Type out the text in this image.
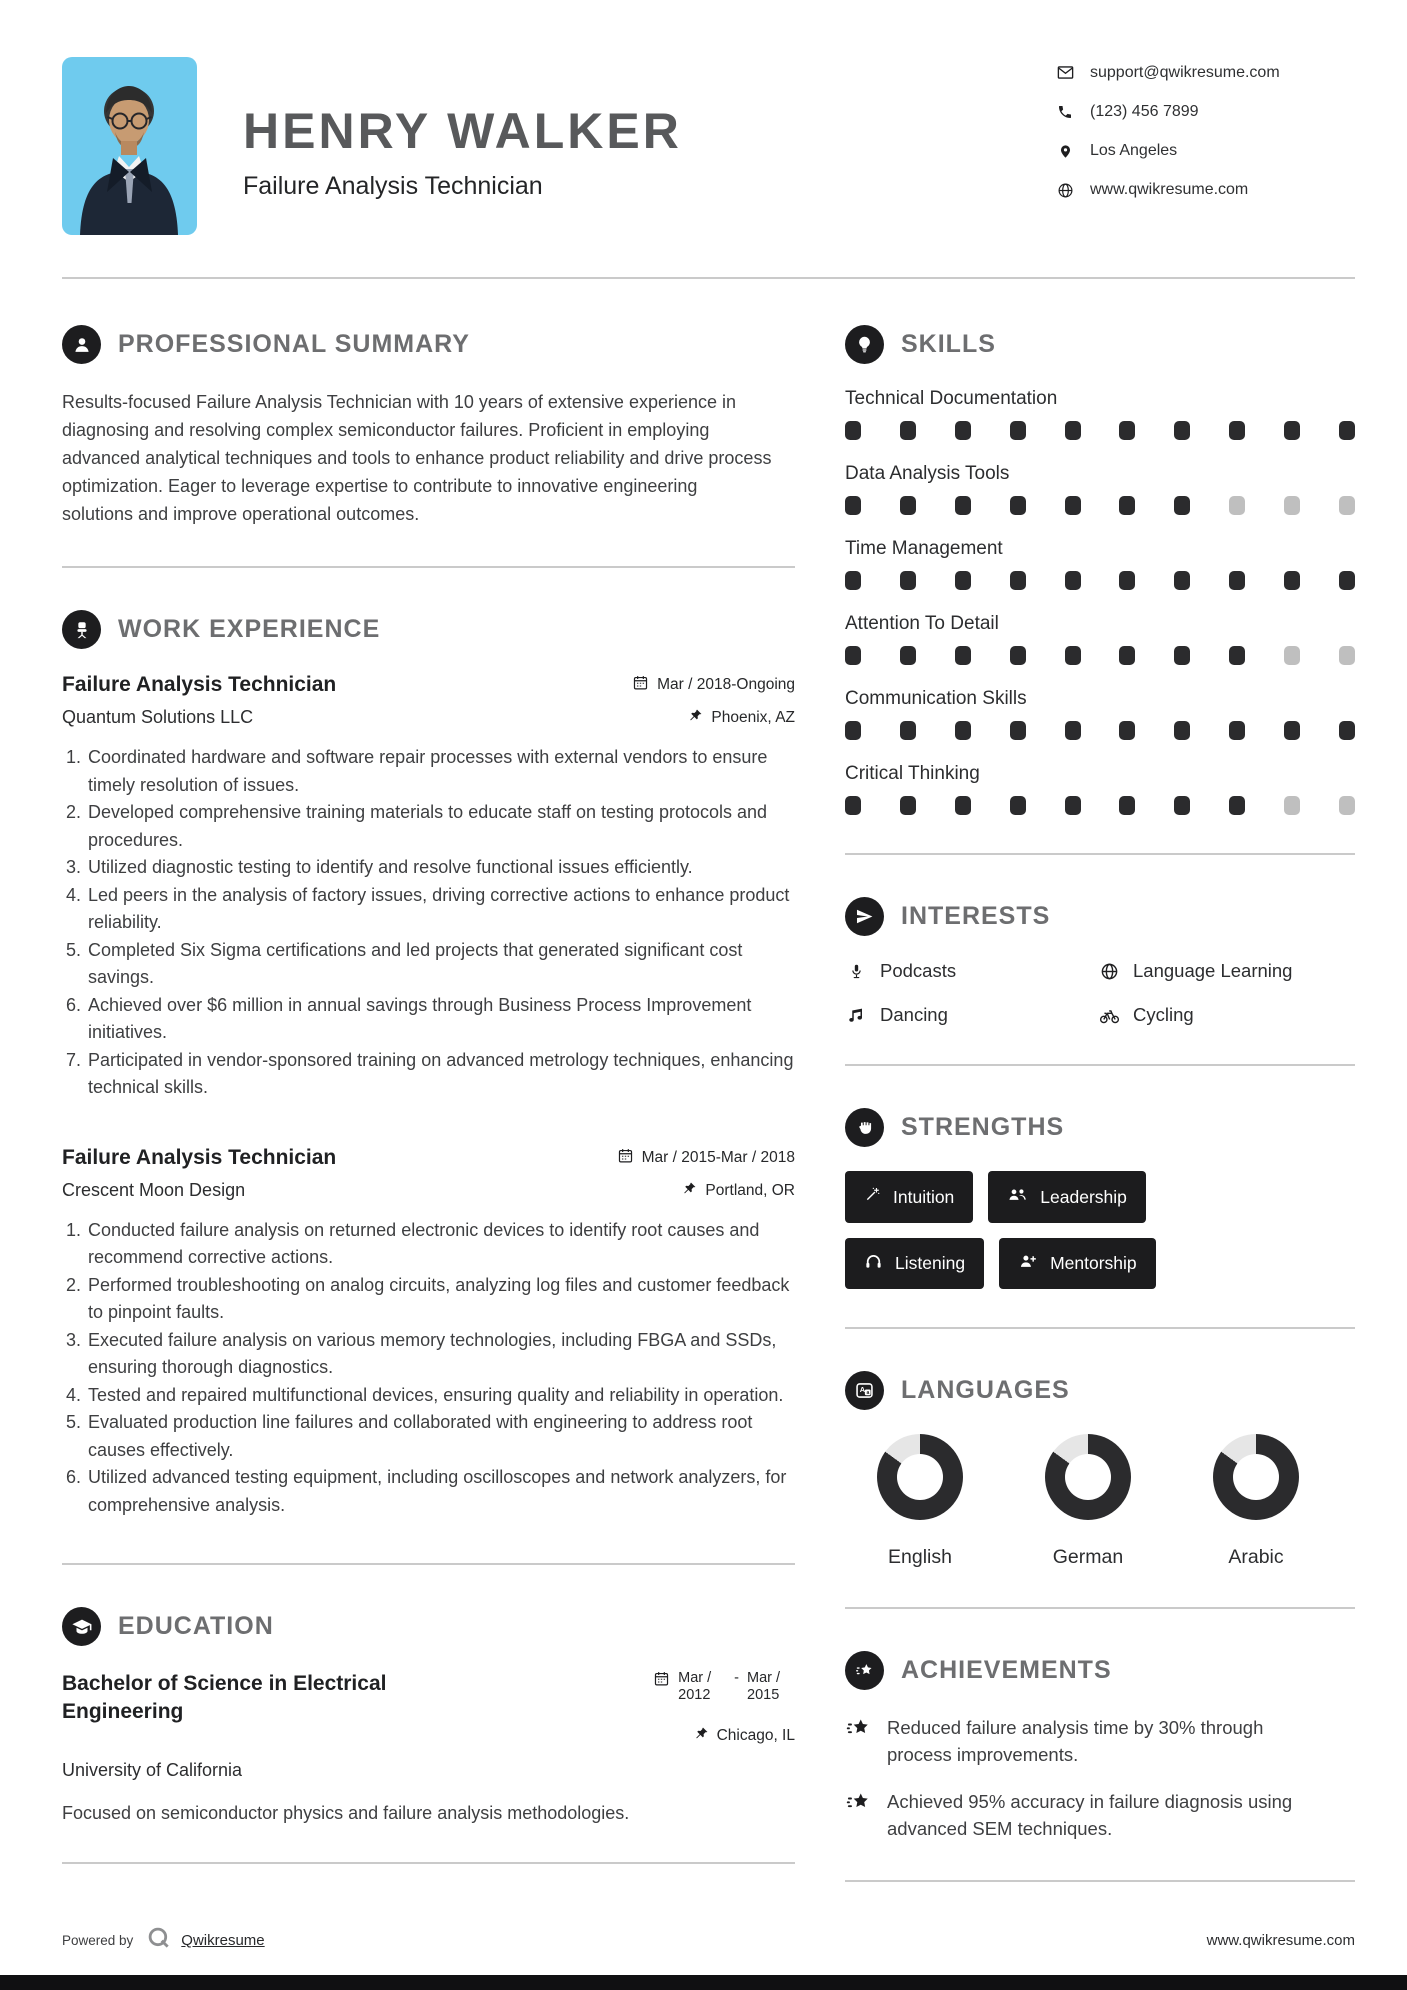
HENRY WALKER
Failure Analysis Technician
support@qwikresume.com
(123) 456 7899
Los Angeles
www.qwikresume.com
PROFESSIONAL SUMMARY

Results-focused Failure Analysis Technician with 10 years of extensive experience in diagnosing and resolving complex semiconductor failures. Proficient in employing advanced analytical techniques and tools to enhance product reliability and drive process optimization. Eager to leverage expertise to contribute to innovative engineering solutions and improve operational outcomes.

WORK EXPERIENCE
Failure Analysis Technician	Mar / 2018-Ongoing
Quantum Solutions LLC	Phoenix, AZ
1. Coordinated hardware and software repair processes with external vendors to ensure timely resolution of issues.
2. Developed comprehensive training materials to educate staff on testing protocols and procedures.
3. Utilized diagnostic testing to identify and resolve functional issues efficiently.
4. Led peers in the analysis of factory issues, driving corrective actions to enhance product reliability.
5. Completed Six Sigma certifications and led projects that generated significant cost savings.
6. Achieved over $6 million in annual savings through Business Process Improvement initiatives.
7. Participated in vendor-sponsored training on advanced metrology techniques, enhancing technical skills.
Failure Analysis Technician	Mar / 2015-Mar / 2018
Crescent Moon Design	Portland, OR
1. Conducted failure analysis on returned electronic devices to identify root causes and recommend corrective actions.
2. Performed troubleshooting on analog circuits, analyzing log files and customer feedback to pinpoint faults.
3. Executed failure analysis on various memory technologies, including FBGA and SSDs, ensuring thorough diagnostics.
4. Tested and repaired multifunctional devices, ensuring quality and reliability in operation.
5. Evaluated production line failures and collaborated with engineering to address root causes effectively.
6. Utilized advanced testing equipment, including oscilloscopes and network analyzers, for comprehensive analysis.
EDUCATION
Bachelor of Science in Electrical Engineering
Mar / 2012
- Mar / 2015
Chicago, IL
University of California

Focused on semiconductor physics and failure analysis methodologies.

SKILLS
Technical Documentation
Data Analysis Tools
Time Management
Attention To Detail
Communication Skills
Critical Thinking
INTERESTS
Podcasts	Language Learning
Dancing	Cycling
STRENGTHS
Intuition	Leadership
Listening	Mentorship
A a LANGUAGES
English	German	Arabic
ACHIEVEMENTS

Reduced failure analysis time by 30% through process improvements.

Achieved 95% accuracy in failure diagnosis using advanced SEM techniques.

Powered by	Qwikresume	www.qwikresume.com
